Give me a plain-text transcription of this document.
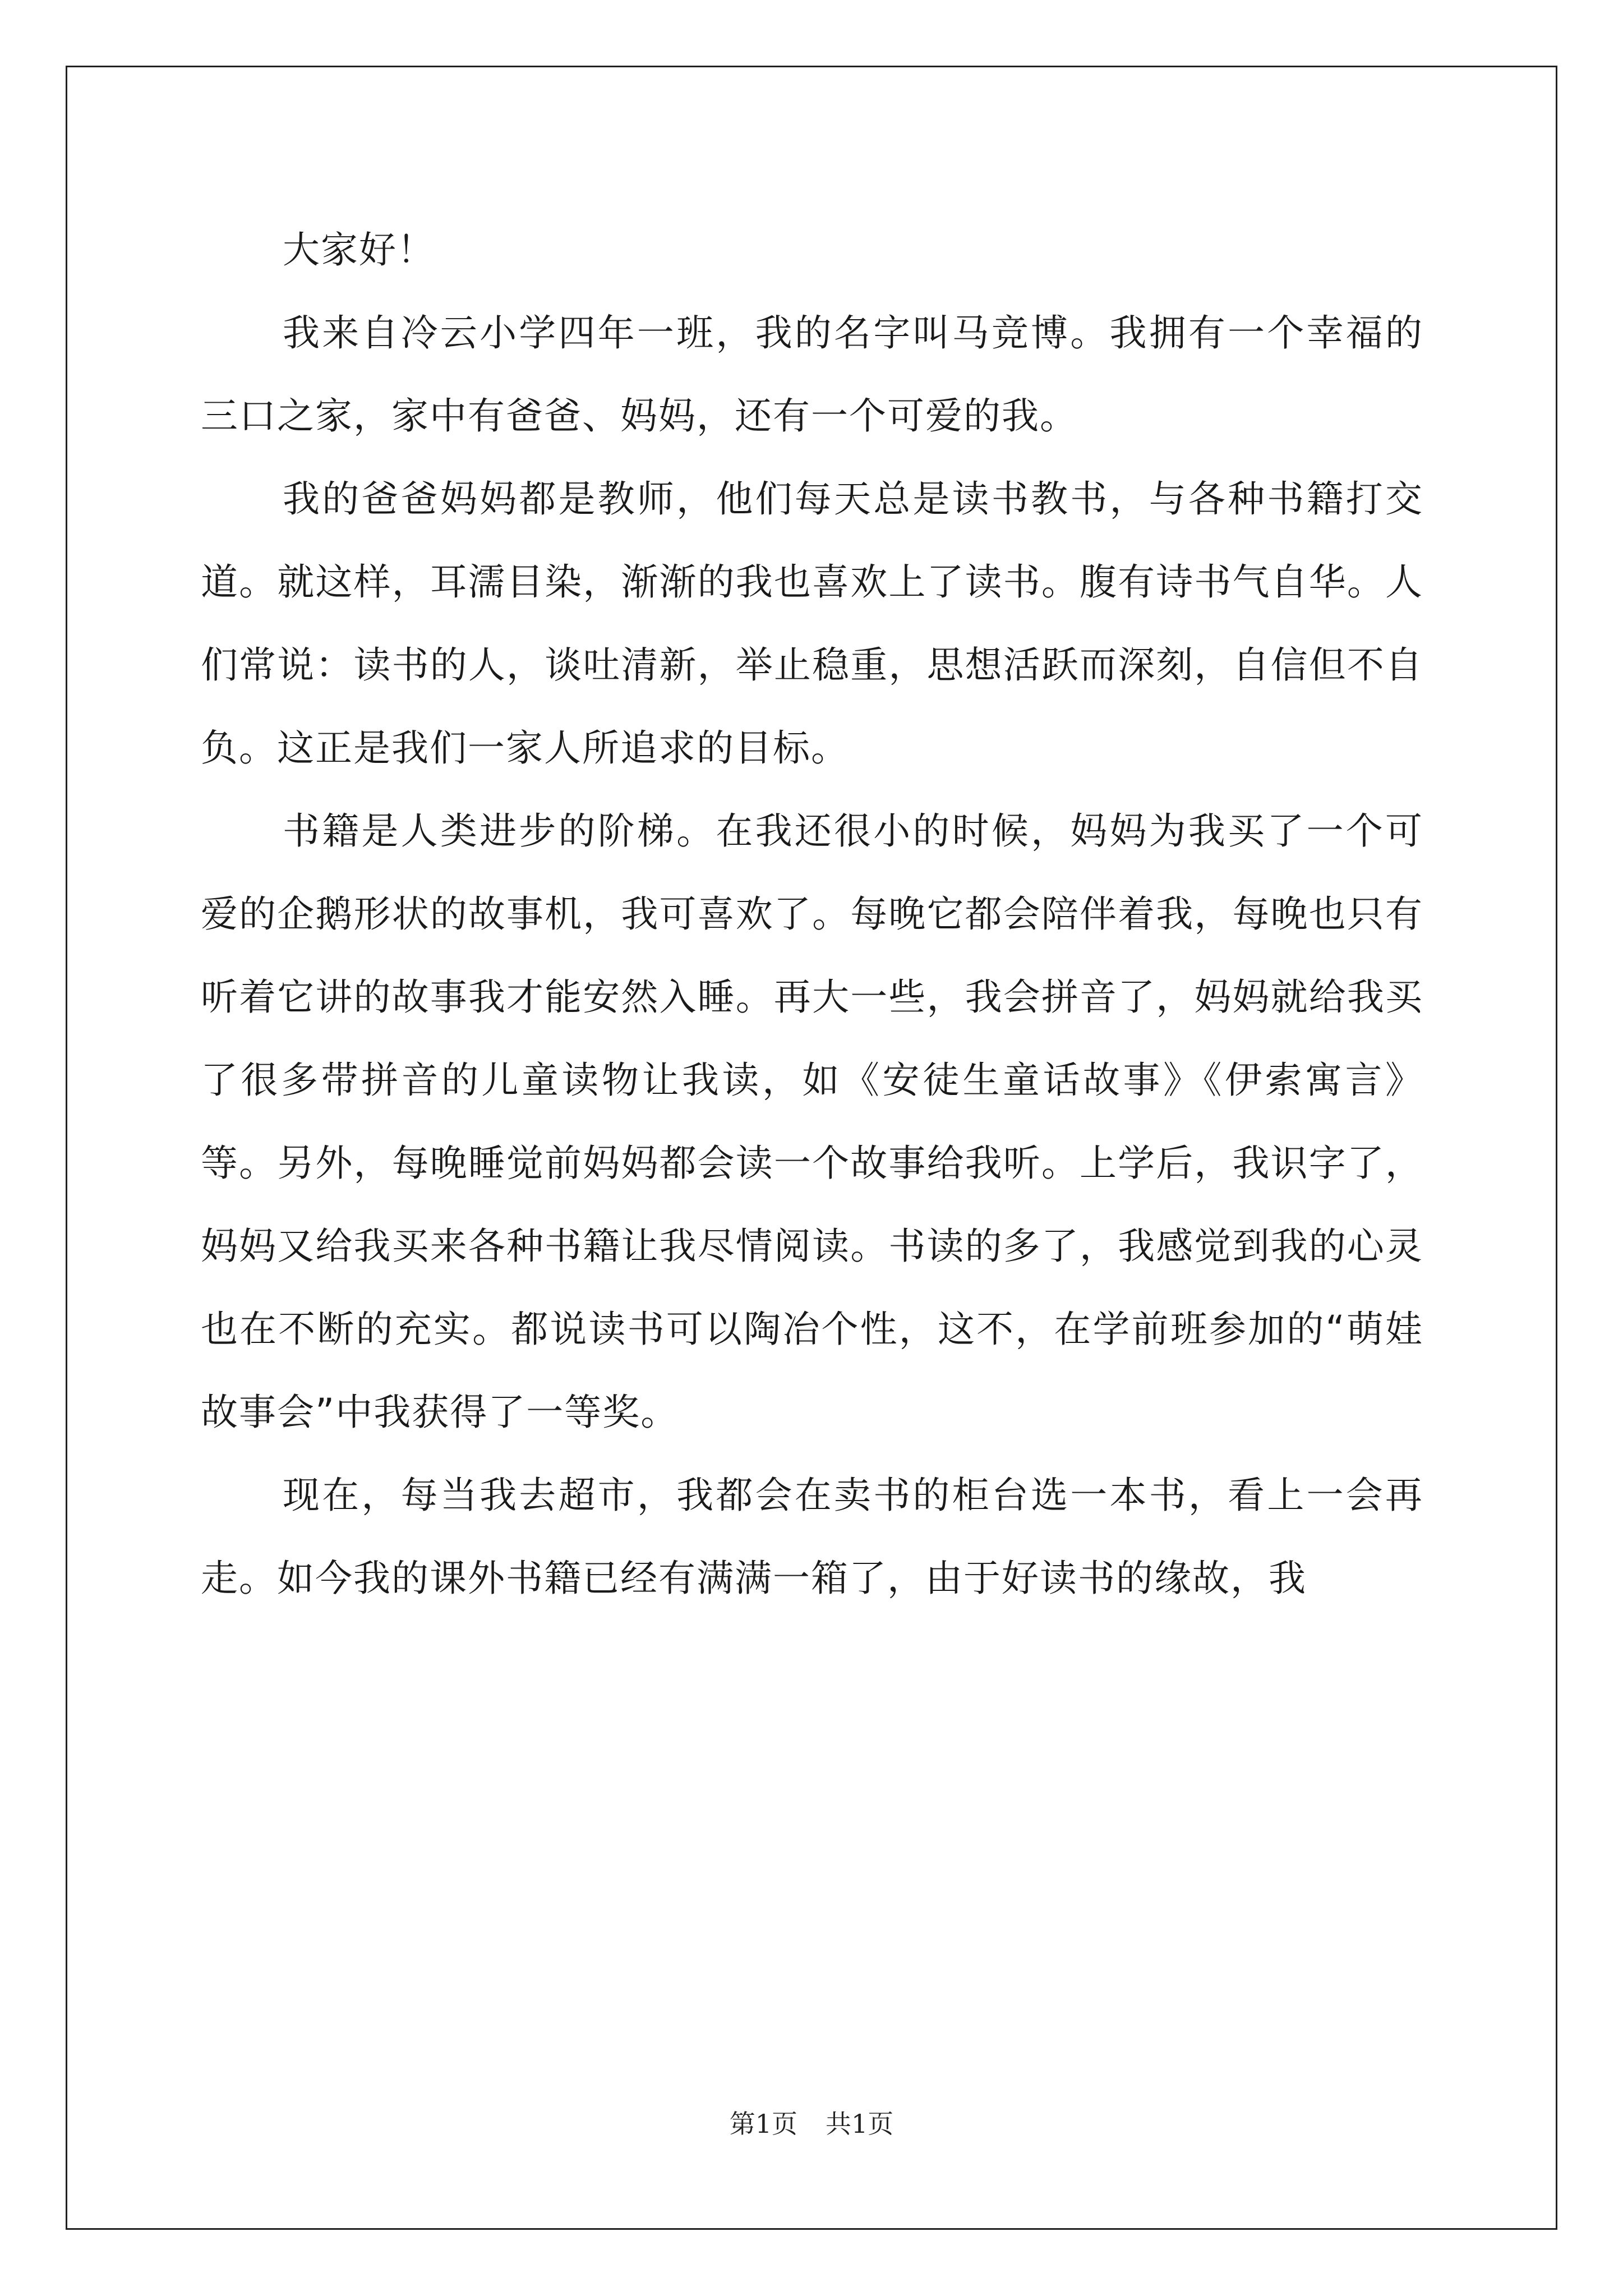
大家好！

我来自冷云小学四年一班，我的名字叫马竞博。我拥有一个幸福的三口之家，家中有爸爸、妈妈，还有一个可爱的我。

我的爸爸妈妈都是教师，他们每天总是读书教书，与各种书籍打交道。就这样，耳濡目染，渐渐的我也喜欢上了读书。腹有诗书气自华。人们常说：读书的人，谈吐清新，举止稳重，思想活跃而深刻，自信但不自负。这正是我们一家人所追求的目标。

书籍是人类进步的阶梯。在我还很小的时候，妈妈为我买了一个可爱的企鹅形状的故事机，我可喜欢了。每晚它都会陪伴着我，每晚也只有听着它讲的故事我才能安然入睡。再大一些，我会拼音了，妈妈就给我买了很多带拼音的儿童读物让我读，如《安徒生童话故事》《伊索寓言》等。另外，每晚睡觉前妈妈都会读一个故事给我听。上学后，我识字了，妈妈又给我买来各种书籍让我尽情阅读。书读的多了，我感觉到我的心灵也在不断的充实。都说读书可以陶冶个性，这不，在学前班参加的“萌娃故事会”中我获得了一等奖。

现在，每当我去超市，我都会在卖书的柜台选一本书，看上一会再走。如今我的课外书籍已经有满满一箱了，由于好读书的缘故，我

第1页 共1页
